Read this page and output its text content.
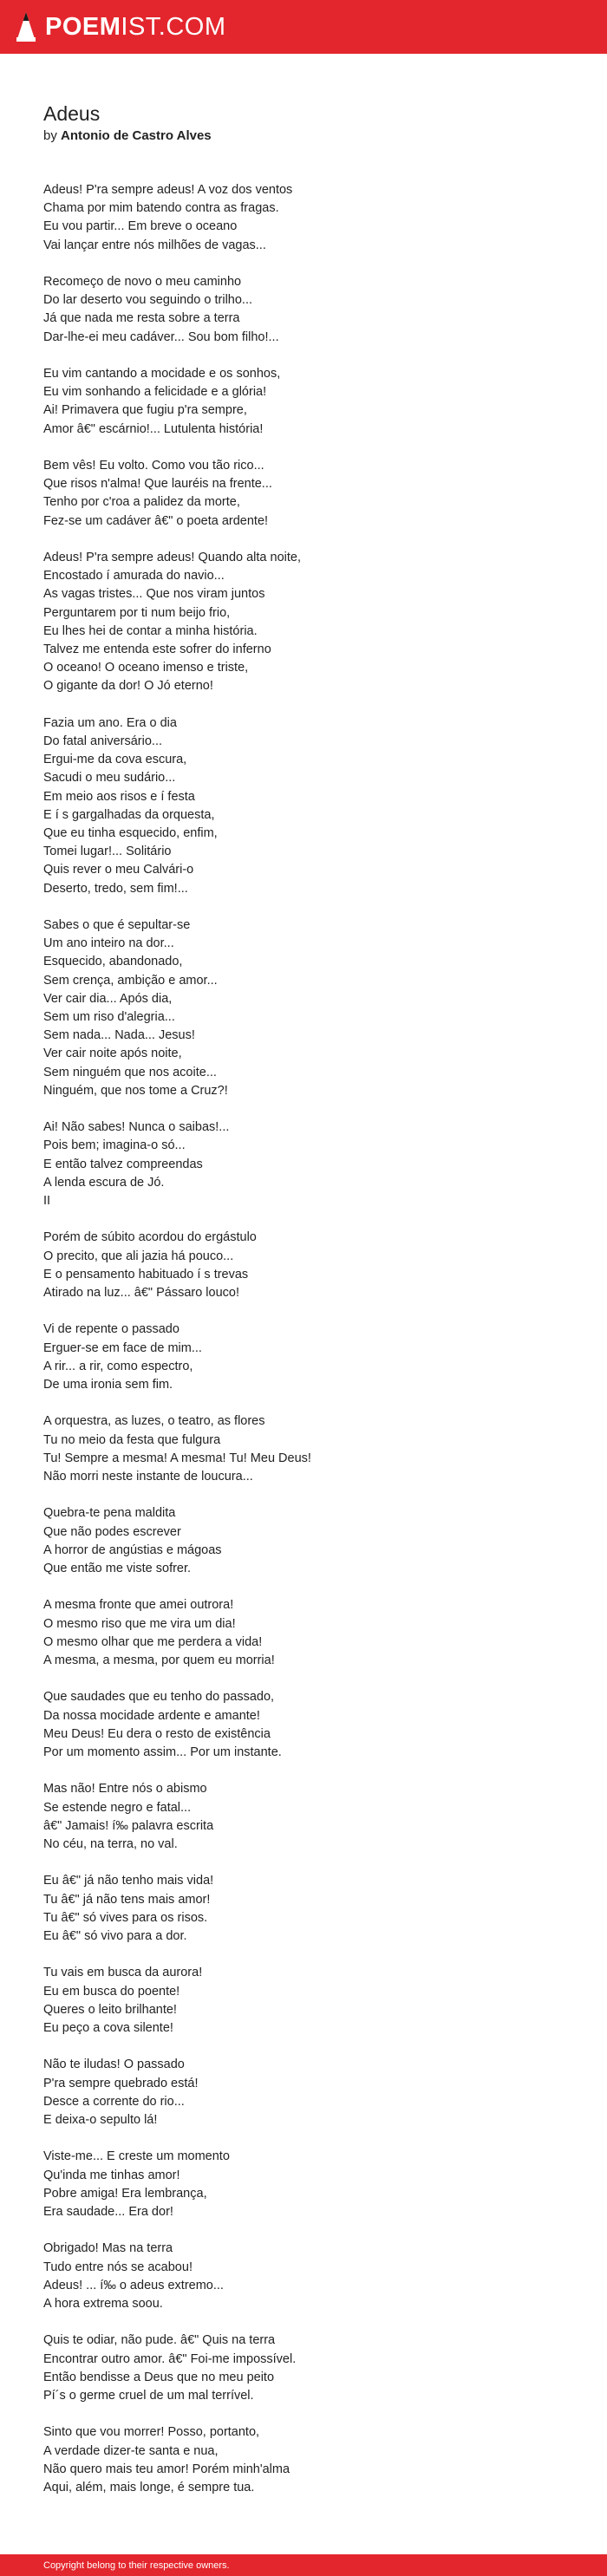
POEMIST.COM
Adeus

by Antonio de Castro Alves

Adeus! P'ra sempre adeus! A voz dos ventos
Chama por mim batendo contra as fragas.
Eu vou partir... Em breve o oceano
Vai lançar entre nós milhões de vagas...
Recomeço de novo o meu caminho
Do lar deserto vou seguindo o trilho...
Já que nada me resta sobre a terra
Dar-lhe-ei meu cadáver... Sou bom filho!...
Eu vim cantando a mocidade e os sonhos,
Eu vim sonhando a felicidade e a glória!
Ai! Primavera que fugiu p'ra sempre,
Amor â€" escárnio!... Lutulenta história!
Bem vês! Eu volto. Como vou tão rico...
Que risos n'alma! Que lauréis na frente...
Tenho por c'roa a palidez da morte,
Fez-se um cadáver â€" o poeta ardente!
Adeus! P'ra sempre adeus! Quando alta noite,
Encostado í amurada do navio...
As vagas tristes... Que nos viram juntos
Perguntarem por ti num beijo frio,
Eu lhes hei de contar a minha história.
Talvez me entenda este sofrer do inferno
O oceano! O oceano imenso e triste,
O gigante da dor! O Jó eterno!
Fazia um ano. Era o dia
Do fatal aniversário...
Ergui-me da cova escura,
Sacudi o meu sudário...
Em meio aos risos e í festa
E í s gargalhadas da orquesta,
Que eu tinha esquecido, enfim,
Tomei lugar!... Solitário
Quis rever o meu Calvári-o
Deserto, tredo, sem fim!...
Sabes o que é sepultar-se
Um ano inteiro na dor...
Esquecido, abandonado,
Sem crença, ambição e amor...
Ver cair dia... Após dia,
Sem um riso d'alegria...
Sem nada... Nada... Jesus!
Ver cair noite após noite,
Sem ninguém que nos acoite...
Ninguém, que nos tome a Cruz?!
Ai! Não sabes! Nunca o saibas!...
Pois bem; imagina-o só...
E então talvez compreendas
A lenda escura de Jó.
II
Porém de súbito acordou do ergástulo
O precito, que ali jazia há pouco...
E o pensamento habituado í s trevas
Atirado na luz... â€" Pássaro louco!
Vi de repente o passado
Erguer-se em face de mim...
A rir... a rir, como espectro,
De uma ironia sem fim.
A orquestra, as luzes, o teatro, as flores
Tu no meio da festa que fulgura
Tu! Sempre a mesma! A mesma! Tu! Meu Deus!
Não morri neste instante de loucura...
Quebra-te pena maldita
Que não podes escrever
A horror de angústias e mágoas
Que então me viste sofrer.
A mesma fronte que amei outrora!
O mesmo riso que me vira um dia!
O mesmo olhar que me perdera a vida!
A mesma, a mesma, por quem eu morria!
Que saudades que eu tenho do passado,
Da nossa mocidade ardente e amante!
Meu Deus! Eu dera o resto de existência
Por um momento assim... Por um instante.
Mas não! Entre nós o abismo
Se estende negro e fatal...
â€" Jamais! í‰ palavra escrita
No céu, na terra, no val.
Eu â€" já não tenho mais vida!
Tu â€" já não tens mais amor!
Tu â€" só vives para os risos.
Eu â€" só vivo para a dor.
Tu vais em busca da aurora!
Eu em busca do poente!
Queres o leito brilhante!
Eu peço a cova silente!
Não te iludas! O passado
P'ra sempre quebrado está!
Desce a corrente do rio...
E deixa-o sepulto lá!
Viste-me... E creste um momento
Qu'inda me tinhas amor!
Pobre amiga! Era lembrança,
Era saudade... Era dor!
Obrigado! Mas na terra
Tudo entre nós se acabou!
Adeus! ... í‰ o adeus extremo...
A hora extrema soou.
Quis te odiar, não pude. â€" Quis na terra
Encontrar outro amor. â€" Foi-me impossível.
Então bendisse a Deus que no meu peito
Pí´s o germe cruel de um mal terrível.
Sinto que vou morrer! Posso, portanto,
A verdade dizer-te santa e nua,
Não quero mais teu amor! Porém minh'alma
Aqui, além, mais longe, é sempre tua.
Copyright belong to their respective owners.
